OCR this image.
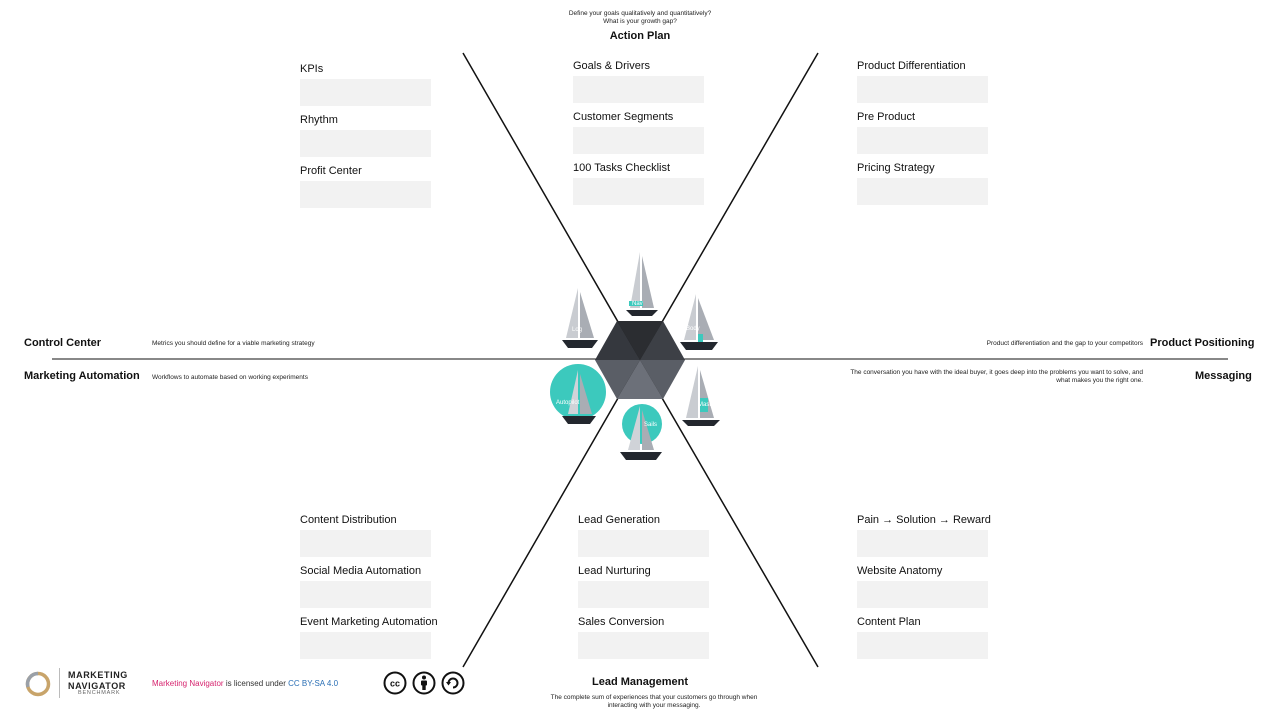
Define your goals qualitatively and quantitatively? What is your growth gap?
Action Plan
Control Center	Metrics you should define for a viable marketing strategy
Marketing Automation Workflows to automate based on working experiments
Product Positioning
Product differentiation and the gap to your competitors
Messaging
The conversation you have with the ideal buyer, it goes deep into the problems you want to solve, and what makes you the right one.
Lead Management
The complete sum of experiences that your customers go through when interacting with your messaging.
KPIs
Rhythm
Profit Center
Goals & Drivers
Customer Segments
100 Tasks Checklist
Product Differentiation
Pre Product
Pricing Strategy
Content Distribution
Social Media Automation
Event Marketing Automation
Lead Generation
Lead Nurturing
Sales Conversion
Pain → Solution → Reward
Website Anatomy
Content Plan
Nav
Log	Body
Autopilot
Sails
Mast
MARKETING
NAVIGATOR
BENCHMARK
Marketing Navigator is licensed under CC BY-SA 4.0	cc
